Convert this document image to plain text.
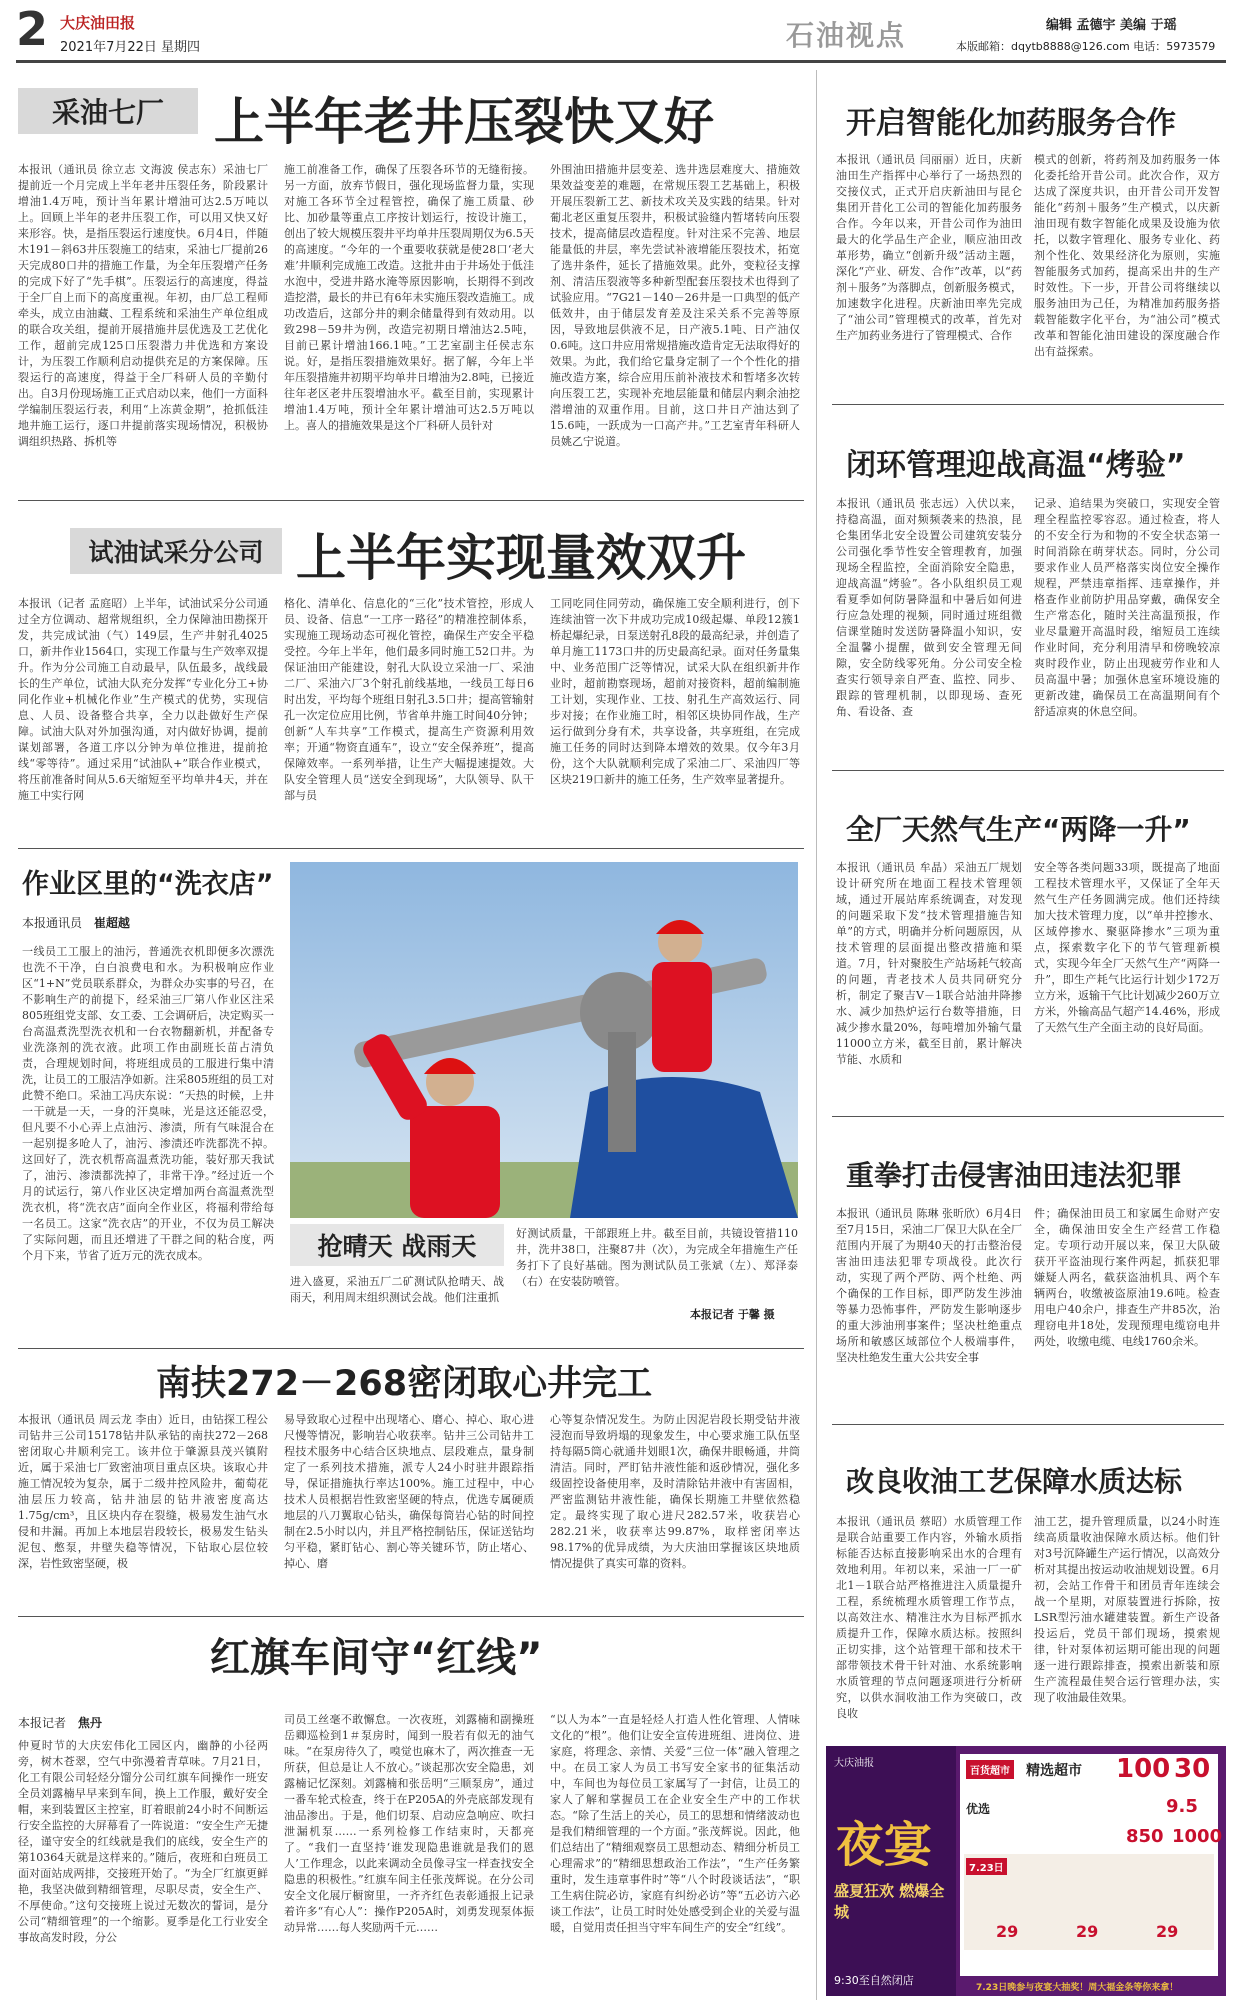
2 大庆油田报
2021年7月22日 星期四	石油视点	编辑 孟德宇 美编 于瑶
本版邮箱：dqytb8888@126.com 电话：5973579
采油七厂	上半年老井压裂快又好
本报讯（通讯员 徐立志 文海波 侯志东）采油七厂提前近一个月完成上半年老井压裂任务，阶段累计增油1.4万吨，预计当年累计增油可达2.5万吨以上。回顾上半年的老井压裂工作，可以用又快又好来形容。快，是指压裂运行速度快。6月4日，伴随木191－斜63井压裂施工的结束，采油七厂提前26天完成80口井的措施工作量，为全年压裂增产任务的完成下好了“先手棋”。压裂运行的高速度，得益于全厂自上而下的高度重视。年初，由厂总工程师牵头，成立由油藏、工程系统和采油生产单位组成的联合攻关组，提前开展措施井层优选及工艺优化工作，超前完成125口压裂潜力井优选和方案设计，为压裂工作顺利启动提供充足的方案保障。压裂运行的高速度，得益于全厂科研人员的辛勤付出。自3月份现场施工正式启动以来，他们一方面科学编制压裂运行表，利用“上冻黄金期”，抢抓低洼地井施工运行，逐口井提前落实现场情况，积极协调组织热路、拆机等
施工前准备工作，确保了压裂各环节的无缝衔接。另一方面，放弃节假日，强化现场监督力量，实现对施工各环节全过程管控，确保了施工质量、砂比、加砂量等重点工序按计划运行，按设计施工，创出了较大规模压裂井平均单井压裂周期仅为6.5天的高速度。“今年的一个重要收获就是使28口‘老大难’井顺利完成施工改造。这批井由于井场处于低洼水泡中，受进井路水淹等原因影响，长期得不到改造挖潜，最长的井已有6年未实施压裂改造施工。成功改造后，这部分井的剩余储量得到有效动用。以致298－59井为例，改造完初期日增油达2.5吨，目前已累计增油166.1吨。”工艺室副主任侯志东说。好，是指压裂措施效果好。据了解，今年上半年压裂措施井初期平均单井日增油为2.8吨，已接近往年老区老井压裂增油水平。截至目前，实现累计增油1.4万吨，预计全年累计增油可达2.5万吨以上。喜人的措施效果是这个厂科研人员针对
外围油田措施井层变差、选井选层难度大、措施效果效益变差的难题，在常规压裂工艺基础上，积极开展压裂新工艺、新技术攻关及实践的结果。针对葡北老区重复压裂井，积极试验缝内暂堵转向压裂技术，提高储层改造程度。针对注采不完善、地层能量低的井层，率先尝试补液增能压裂技术，拓宽了选井条件，延长了措施效果。此外，变粒径支撑剂、清洁压裂液等多种新型配套压裂技术也得到了试验应用。“7G21－140－26井是一口典型的低产低效井，由于储层发育差及注采关系不完善等原因，导致地层供液不足，日产液5.1吨、日产油仅0.6吨。这口井应用常规措施改造肯定无法取得好的效果。为此，我们给它量身定制了一个个性化的措施改造方案，综合应用压前补液技术和暂堵多次转向压裂工艺，实现补充地层能量和储层内剩余油挖潜增油的双重作用。目前，这口井日产油达到了15.6吨，一跃成为一口高产井。”工艺室青年科研人员姚乙宁说道。
试油试采分公司 上半年实现量效双升
本报讯（记者 孟庭昭）上半年，试油试采分公司通过全方位调动、超常规组织，全力保障油田勘探开发，共完成试油（气）149层，生产井射孔4025口，新井作业1564口，实现工作量与生产效率双提升。作为分公司施工自动最早，队伍最多，战线最长的生产单位，试油大队充分发挥“专业化分工+协同化作业+机械化作业”生产模式的优势，实现信息、人员、设备整合共享，全力以赴做好生产保障。试油大队对外加强沟通，对内做好协调，提前谋划部署，各道工序以分钟为单位推进，提前抢线“零等待”。通过采用“试油队+”联合作业模式，将压前准备时间从5.6天缩短至平均单井4天，并在施工中实行网
格化、清单化、信息化的“三化”技术管控，形成人员、设备、信息“一工序一路径”的精准控制体系，实现施工现场动态可视化管控，确保生产安全平稳受控。今年上半年，他们最多同时施工52口井。为保证油田产能建设，射孔大队设立采油一厂、采油二厂、采油六厂3个射孔前线基地，一线员工每日6时出发，平均每个班组日射孔3.5口井；提高管输射孔一次定位应用比例，节省单井施工时间40分钟；创新“人车共享”工作模式，提高生产资源利用效率；开通“物资直通车”，设立“安全保养班”，提高保障效率。一系列举措，让生产大幅提速提效。大队安全管理人员“送安全到现场”，大队领导、队干部与员
工同吃同住同劳动，确保施工安全顺利进行，创下连续油管一次下井成功完成10级起爆、单段12簇1桥起爆纪录，日泵送射孔8段的最高纪录，并创造了单月施工1173口井的历史最高纪录。面对任务量集中、业务范围广泛等情况，试采大队在组织新井作业时，超前勘察现场，超前对接资料，超前编制施工计划，实现作业、工技、射孔生产高效运行、同步对接；在作业施工时，相邻区块协同作战，生产运行做到分身有术，共享设备，共享班组，在完成施工任务的同时达到降本增效的效果。仅今年3月份，这个大队就顺利完成了采油二厂、采油四厂等区块219口新井的施工任务，生产效率显著提升。
作业区里的“洗衣店”
本报通讯员 崔超越
一线员工工服上的油污，普通洗衣机即便多次漂洗也洗不干净，白白浪费电和水。为积极响应作业区“1+N”党员联系群众，为群众办实事的号召，在不影响生产的前提下，经采油三厂第八作业区注采805班组党支部、女工委、工会调研后，决定购买一台高温煮洗型洗衣机和一台衣物翻新机，并配备专业洗涤剂的洗衣液。此项工作由副班长苗占清负责，合理规划时间，将班组成员的工服进行集中清洗，让员工的工服洁净如新。注采805班组的员工对此赞不绝口。采油工冯庆东说：“天热的时候，上井一干就是一天，一身的汗臭味，光是这还能忍受，但凡要不小心弄上点油污、渗渍，所有气味混合在一起别提多呛人了，油污、渗渍还咋洗都洗不掉。这回好了，洗衣机帮高温煮洗功能，装好那天我试了，油污、渗渍都洗掉了，非常干净。”经过近一个月的试运行，第八作业区决定增加两台高温煮洗型洗衣机，将“洗衣店”面向全作业区，将福利带给每一名员工。这家“洗衣店”的开业，不仅为员工解决了实际问题，而且还增进了干群之间的粘合度，两个月下来，节省了近万元的洗衣成本。	抢晴天 战雨天
进入盛夏，采油五厂二矿测试队抢晴天、战雨天，利用周末组织测试会战。他们注重抓
好测试质量，干部跟班上井。截至目前，共镜设管措110井，洗井38口，注聚87井（次），为完成全年措施生产任务打下了良好基础。图为测试队员工张斌（左）、郑泽泰（右）在安装防喷管。
本报记者 于馨 摄
南扶272－268密闭取心井完工
本报讯（通讯员 周云龙 李由）近日，由钻探工程公司钻井三公司15178钻井队承钻的南扶272－268密闭取心井顺利完工。该井位于肇源县茂兴镇附近，属于采油七厂致密油项目重点区块。该取心井施工情况较为复杂，属于二级井控风险井，葡萄花油层压力较高，钻井油层的钻井液密度高达1.75g/cm³，且区块内存在裂缝，极易发生油气水侵和井漏。再加上本地层岩段较长，极易发生钻头泥包、憋泵，井壁失稳等情况，下钻取心层位较深，岩性致密坚硬，极
易导致取心过程中出现堵心、磨心、掉心、取心进尺慢等情况，影响岩心收获率。钻井三公司钻井工程技术服务中心结合区块地点、层段难点，量身制定了一系列技术措施，派专人24小时驻井跟踪指导，保证措施执行率达100%。施工过程中，中心技术人员根据岩性致密坚硬的特点，优选专属硬质地层的八刀翼取心钻头，确保每筒岩心钻的时间控制在2.5小时以内，并且严格控制钻压，保证送钻均匀平稳，紧盯钻心、割心等关键环节，防止堵心、掉心、磨
心等复杂情况发生。为防止因泥岩段长期受钻井液浸泡而导致坍塌的现象发生，中心要求施工队伍坚持每隔5筒心就通井划眼1次，确保井眼畅通，井筒清洁。同时，严盯钻井液性能和返砂情况，强化多级固控设备使用率，及时清除钻井液中有害固相，严密监测钻井液性能，确保长期施工井壁依然稳定。最终实现了取心进尺282.57米，收获岩心282.21米，收获率达99.87%，取样密闭率达98.17%的优异成绩，为大庆油田掌握该区块地质情况提供了真实可靠的资料。
红旗车间守“红线”
本报记者 焦丹
仲夏时节的大庆宏伟化工园区内，幽静的小径两旁，树木苍翠，空气中弥漫着青草味。7月21日，化工有限公司轻烃分馏分公司红旗车间操作一班安全员刘露楠早早来到车间，换上工作服，戴好安全帽，来到装置区主控室，盯着眼前24小时不间断运行安全监控的大屏幕看了一阵说道：“安全生产无捷径，谨守安全的红线就是我们的底线，安全生产的第10364天就是这样来的。”随后，夜班和白班员工面对面站成两排，交接班开始了。“为全厂红旗更鲜艳，我坚决做到精细管理，尽职尽责，安全生产、不厚使命。”这句交接班上说过无数次的誓词，是分公司“精细管理”的一个缩影。夏季是化工行业安全事故高发时段，分公
司员工丝毫不敢懈怠。一次夜班，刘露楠和副操班岳卿巡检到1＃泵房时，闻到一股若有似无的油气味。“在泵房待久了，嗅觉也麻木了，两次推查一无所获，但总是让人不放心。”谈起那次安全隐患，刘露楠记忆深刻。刘露楠和张岳明“三顺泵房”，通过一番车轮式检查，终于在P205A的外壳底部发现有油品渗出。于是，他们切泵、启动应急响应、吹扫泄漏机泵……一系列检修工作结束时，天都亮了。“我们一直坚持‘谁发现隐患谁就是我们的恩人’工作理念，以此来调动全员像寻宝一样查找安全隐患的积极性。”红旗车间主任张茂辉说。在分公司安全文化展厅橱窗里，一齐齐红色表彰通报上记录着许多“有心人”：操作P205A时，刘勇发现泵体振动异常……每人奖励两千元……
“以人为本”一直是轻烃人打造人性化管理、人情味文化的“根”。他们让安全宣传进班组、进岗位、进家庭，将理念、亲情、关爱“三位一体”融入管理之中。在员工家人为员工书写安全家书的征集活动中，车间也为每位员工家属写了一封信，让员工的家人了解和掌握员工在企业安全生产中的工作状态。“除了生活上的关心，员工的思想和情绪波动也是我们精细管理的一个方面。”张茂辉说。因此，他们总结出了“精细观察员工思想动态、精细分析员工心理需求”的“精细思想政治工作法”，“生产任务繁重时，发生违章事件时”等“八个时段谈话法”，“职工生病住院必访，家庭有纠纷必访”等“五必访六必谈工作法”，让员工时时处处感受到企业的关爱与温暖，自觉用责任担当守牢车间生产的安全“红线”。
开启智能化加药服务合作
本报讯（通讯员 闫丽丽）近日，庆新油田生产指挥中心举行了一场热烈的交接仪式，正式开启庆新油田与昆仑集团开昔化工公司的智能化加药服务合作。今年以来，开昔公司作为油田最大的化学品生产企业，顺应油田改革形势，确立“创新升级”活动主题，深化“产业、研发、合作”改革，以“药剂＋服务”为落脚点，创新服务模式，加速数字化进程。庆新油田率先完成了“油公司”管理模式的改革，首先对生产加药业务进行了管理模式、合作
模式的创新，将药剂及加药服务一体化委托给开昔公司。此次合作，双方达成了深度共识，由开昔公司开发智能化“药剂＋服务”生产模式，以庆新油田现有数字智能化成果及设施为依托，以数字管理化、服务专业化、药剂个性化、效果经济化为原则，实施智能服务式加药，提高采出井的生产时效性。下一步，开昔公司将继续以服务油田为己任，为精准加药服务搭载智能数字化平台，为“油公司”模式改革和智能化油田建设的深度融合作出有益探索。
闭环管理迎战高温“烤验”
本报讯（通讯员 张志远）入伏以来，持稳高温，面对频频袭来的热浪，昆仑集团华北安全设置公司建筑安装分公司强化季节性安全管理教育，加强现场全程监控，全面消除安全隐患，迎战高温“烤验”。各小队组织员工观看夏季如何防暑降温和中暑后如何进行应急处理的视频，同时通过班组微信课堂随时发送防暑降温小知识，安全温馨小提醒，做到安全管理无间隙，安全防线零死角。分公司安全检查实行领导亲自严查、监控、同步、跟踪的管理机制，以即现场、查死角、看设备、查
记录、追结果为突破口，实现安全管理全程监控零容忍。通过检查，将人的不安全行为和物的不安全状态第一时间消除在萌芽状态。同时，分公司要求作业人员严格落实岗位安全操作规程，严禁违章指挥、违章操作，并格查作业前防护用品穿戴，确保安全生产常态化，随时关注高温预报，作业尽量避开高温时段，缩短员工连续作业时间，充分利用清早和傍晚较凉爽时段作业，防止出现疲劳作业和人员高温中暑；加强休息室环境设施的更新改建，确保员工在高温期间有个舒适凉爽的休息空间。
全厂天然气生产“两降一升”
本报讯（通讯员 牟晶）采油五厂规划设计研究所在地面工程技术管理领域，通过开展站库系统调查，对发现的问题采取下发“技术管理措施告知单”的方式，明确并分析问题原因，从技术管理的层面提出整改措施和渠道。7月，针对聚胶生产站场耗气较高的问题，青老技术人员共同研究分析，制定了聚吉V－1联合站油井降掺水、减少加热炉运行台数等措施，日减少掺水量20%，每吨增加外输气量11000立方米，截至目前，累计解决节能、水质和
安全等各类问题33项，既提高了地面工程技术管理水平，又保证了全年天然气生产任务圆满完成。他们还持续加大技术管理力度，以“单井控掺水、区域停掺水、聚驱降掺水”三项为重点，探索数字化下的节气管理新模式，实现今年全厂天然气生产“两降一升”，即生产耗气比运行计划少172万立方米，返输干气比计划减少260万立方米，外输高品气超产14.46%，形成了天然气生产全面主动的良好局面。
重拳打击侵害油田违法犯罪
本报讯（通讯员 陈琳 张昕欣）6月4日至7月15日，采油二厂保卫大队在全厂范围内开展了为期40天的打击整治侵害油田违法犯罪专项战役。此次行动，实现了两个严防、两个杜绝、两个确保的工作目标，即严防发生涉油等暴力恐怖事件，严防发生影响逐步的重大涉油刑事案件；坚决杜绝重点场所和敏感区域部位个人极端事件，坚决杜绝发生重大公共安全事
件；确保油田员工和家属生命财产安全，确保油田安全生产经营工作稳定。专项行动开展以来，保卫大队破获开平盗油现行案件两起，抓获犯罪嫌疑人两名，截获盗油机具、两个车辆两台，收缴被盗原油19.6吨。检查用电户40余户，排查生产井85次，治理窃电井18处，发现预理电缆窃电井两处，收缴电缆、电线1760余米。
改良收油工艺保障水质达标
本报讯（通讯员 蔡昭）水质管理工作是联合站重要工作内容，外输水质指标能否达标直接影响采出水的合理有效地利用。年初以来，采油一厂一矿北1－1联合站严格推进注入质量提升工程，系统梳理水质管理工作节点，以高效注水、精准注水为目标严抓水质提升工作，保障水质达标。按照纠正切实排，这个站管理干部和技术干部带领技术骨干针对油、水系统影响水质管理的节点问题逐项进行分析研究，以供水洞收油工作为突破口，改良收
油工艺，提升管理质量，以24小时连续高质量收油保障水质达标。他们针对3号沉降罐生产运行情况，以高效分析对其提出按运动收油规划设置。6月初，会站工作骨干和团员青年连续会战一个星期，对原装置进行拆除，按LSR型污油水罐建装置。新生产设备投运后，党员干部们现场，摸索规律，针对泵体初运期可能出现的问题逐一进行跟踪排查，摸索出新装和原生产流程最佳契合运行管理办法，实现了收油最佳效果。
大庆油报
夜宴
盛夏狂欢 燃爆全城
9:30至自然闭店
百货超市 精选超市 100 30
优选	9.5
850 1000
7.23日
29	29	29
7.23日晚参与夜宴大抽奖！周大福金条等你来拿！
